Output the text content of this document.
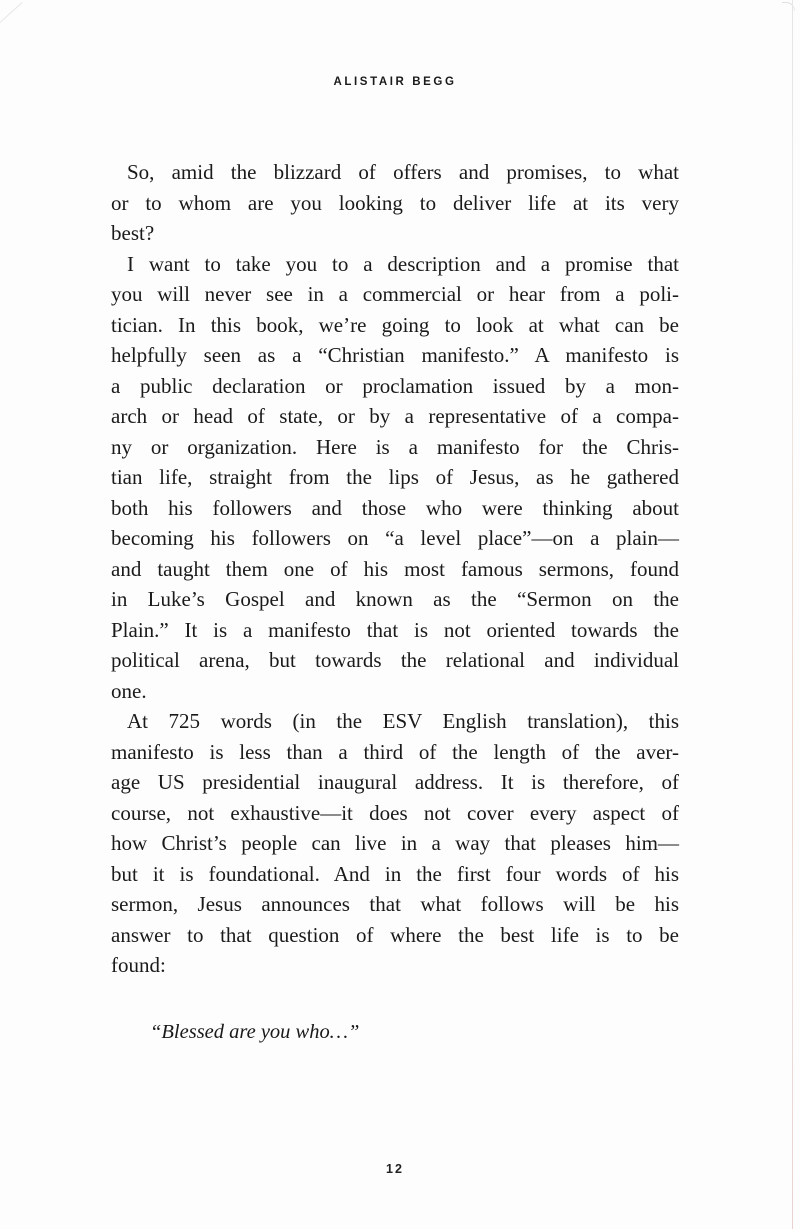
ALISTAIR BEGG
So, amid the blizzard of offers and promises, to what
or to whom are you looking to deliver life at its very
best?
I want to take you to a description and a promise that
you will never see in a commercial or hear from a poli-
tician. In this book, we’re going to look at what can be
helpfully seen as a “Christian manifesto.” A manifesto is
a public declaration or proclamation issued by a mon-
arch or head of state, or by a representative of a compa-
ny or organization. Here is a manifesto for the Chris-
tian life, straight from the lips of Jesus, as he gathered
both his followers and those who were thinking about
becoming his followers on “a level place”—on a plain—
and taught them one of his most famous sermons, found
in Luke’s Gospel and known as the “Sermon on the
Plain.” It is a manifesto that is not oriented towards the
political arena, but towards the relational and individual
one.
At 725 words (in the ESV English translation), this
manifesto is less than a third of the length of the aver-
age US presidential inaugural address. It is therefore, of
course, not exhaustive—it does not cover every aspect of
how Christ’s people can live in a way that pleases him—
but it is foundational. And in the first four words of his
sermon, Jesus announces that what follows will be his
answer to that question of where the best life is to be
found:
“Blessed are you who…”
12
